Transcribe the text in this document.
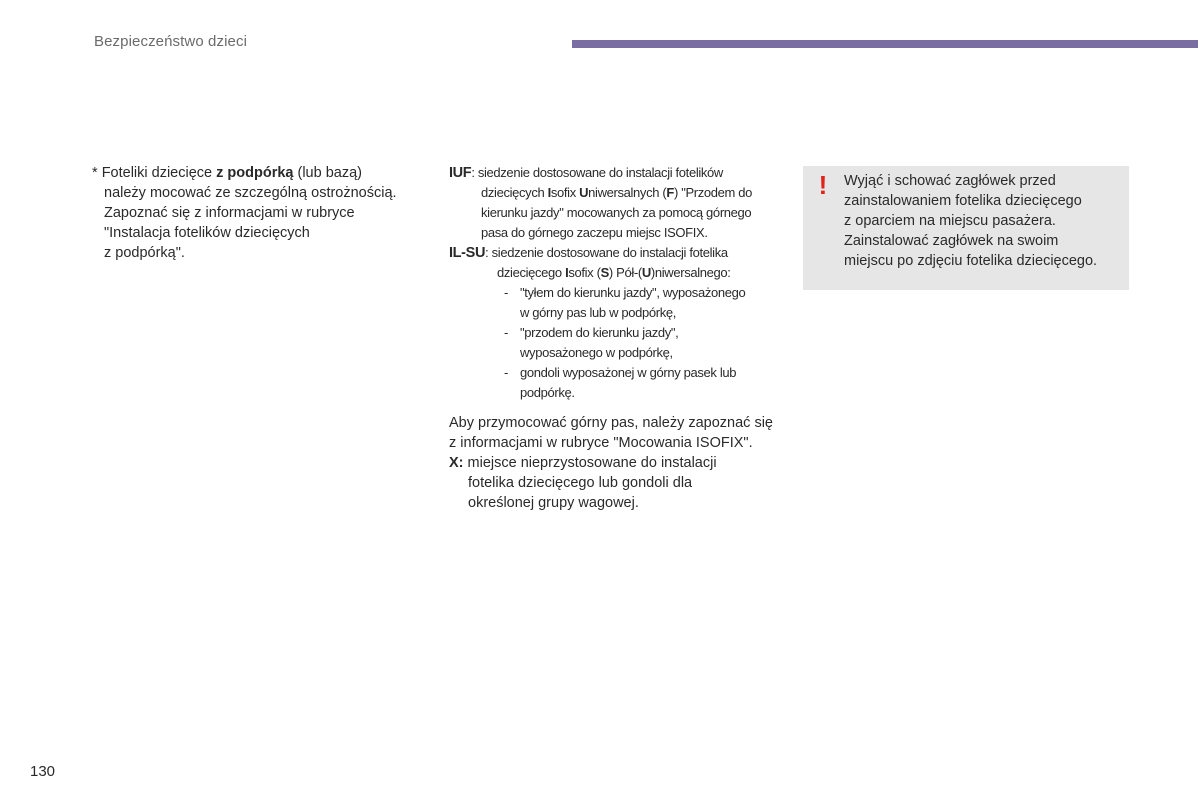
Bezpieczeństwo dzieci
* Foteliki dziecięce z podpórką (lub bazą)
należy mocować ze szczególną ostrożnością.
Zapoznać się z informacjami w rubryce
"Instalacja fotelików dziecięcych
z podpórką".
IUF: siedzenie dostosowane do instalacji fotelików
dziecięcych Isofix Uniwersalnych (F) "Przodem do
kierunku jazdy" mocowanych za pomocą górnego
pasa do górnego zaczepu miejsc ISOFIX.
IL-SU: siedzenie dostosowane do instalacji fotelika
dziecięcego Isofix (S) Pół-(U)niwersalnego:
- "tyłem do kierunku jazdy", wyposażonego
w górny pas lub w podpórkę,
- "przodem do kierunku jazdy",
wyposażonego w podpórkę,
- gondoli wyposażonej w górny pasek lub
podpórkę.
Aby przymocować górny pas, należy zapoznać się
z informacjami w rubryce "Mocowania ISOFIX".
X: miejsce nieprzystosowane do instalacji
fotelika dziecięcego lub gondoli dla
określonej grupy wagowej.
! Wyjąć i schować zagłówek przed
zainstalowaniem fotelika dziecięcego
z oparciem na miejscu pasażera.
Zainstalować zagłówek na swoim
miejscu po zdjęciu fotelika dziecięcego.
130
